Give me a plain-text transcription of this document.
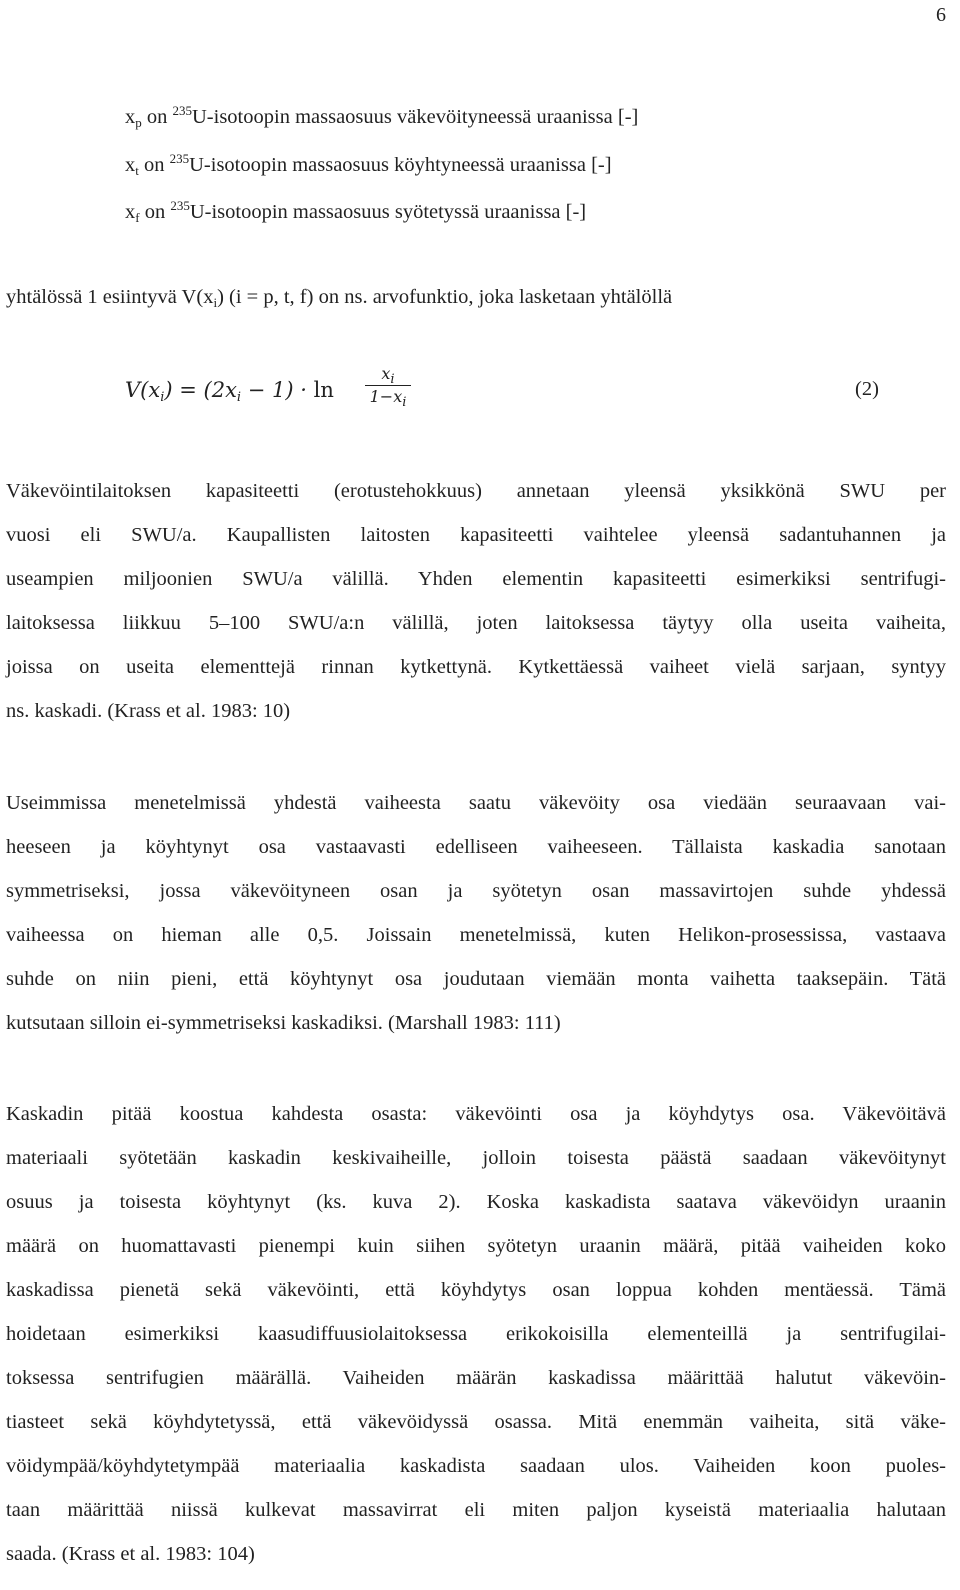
6
$x_p$ on $^{235}$U-isotoopin massaosuus väkevöityneessä uraanissa [-]
$x_t$ on $^{235}$U-isotoopin massaosuus köyhtyneessä uraanissa [-]
$x_f$ on $^{235}$U-isotoopin massaosuus syötetyssä uraanissa [-]
yhtälössä 1 esiintyvä $V(x_i) (i = p$, t, f) on ns. arvofunktio, joka lasketaan yhtälöllä
$V(x_i) = (2x_i - 1) \cdot \ln$
$x_i$
$1-x_i$
(2)
Väkevöintilaitoksen kapasiteetti (erotustehokkuus) annetaan yleensä yksikkönä SWU per
vuosi eli SWU/a. Kaupallisten laitosten kapasiteetti vaihtelee yleensä sadantuhannen ja
useampien miljoonien SWU/a välillä. Yhden elementin kapasiteetti esimerkiksi sentrifugi-
laitoksessa liikkuu 5–100 SWU/a:n välillä, joten laitoksessa täytyy olla useita vaiheita,
joissa on useita elementtejä rinnan kytkettynä. Kytkettäessä vaiheet vielä sarjaan, syntyy
ns. kaskadi. (Krass et al. 1983: 10)
Useimmissa menetelmissä yhdestä vaiheesta saatu väkevöity osa viedään seuraavaan vai-
heeseen ja köyhtynyt osa vastaavasti edelliseen vaiheeseen. Tällaista kaskadia sanotaan
symmetriseksi, jossa väkevöityneen osan ja syötetyn osan massavirtojen suhde yhdessä
vaiheessa on hieman alle 0,5. Joissain menetelmissä, kuten Helikon-prosessissa, vastaava
suhde on niin pieni, että köyhtynyt osa joudutaan viemään monta vaihetta taaksepäin. Tätä
kutsutaan silloin ei-symmetriseksi kaskadiksi. (Marshall 1983: 111)
Kaskadin pitää koostua kahdesta osasta: väkevöinti osa ja köyhdytys osa. Väkevöitävä
materiaali syötetään kaskadin keskivaiheille, jolloin toisesta päästä saadaan väkevöitynyt
osuus ja toisesta köyhtynyt (ks. kuva 2). Koska kaskadista saatava väkevöidyn uraanin
määrä on huomattavasti pienempi kuin siihen syötetyn uraanin määrä, pitää vaiheiden koko
kaskadissa pienetä sekä väkevöinti, että köyhdytys osan loppua kohden mentäessä. Tämä
hoidetaan esimerkiksi kaasudiffuusiolaitoksessa erikokoisilla elementeillä ja sentrifugilai-
toksessa sentrifugien määrällä. Vaiheiden määrän kaskadissa määrittää halutut väkevöin-
tiasteet sekä köyhdytetyssä, että väkevöidyssä osassa. Mitä enemmän vaiheita, sitä väke-
vöidympää/köyhdytetympää materiaalia kaskadista saadaan ulos. Vaiheiden koon puoles-
taan määrittää niissä kulkevat massavirrat eli miten paljon kyseistä materiaalia halutaan
saada. (Krass et al. 1983: 104)
